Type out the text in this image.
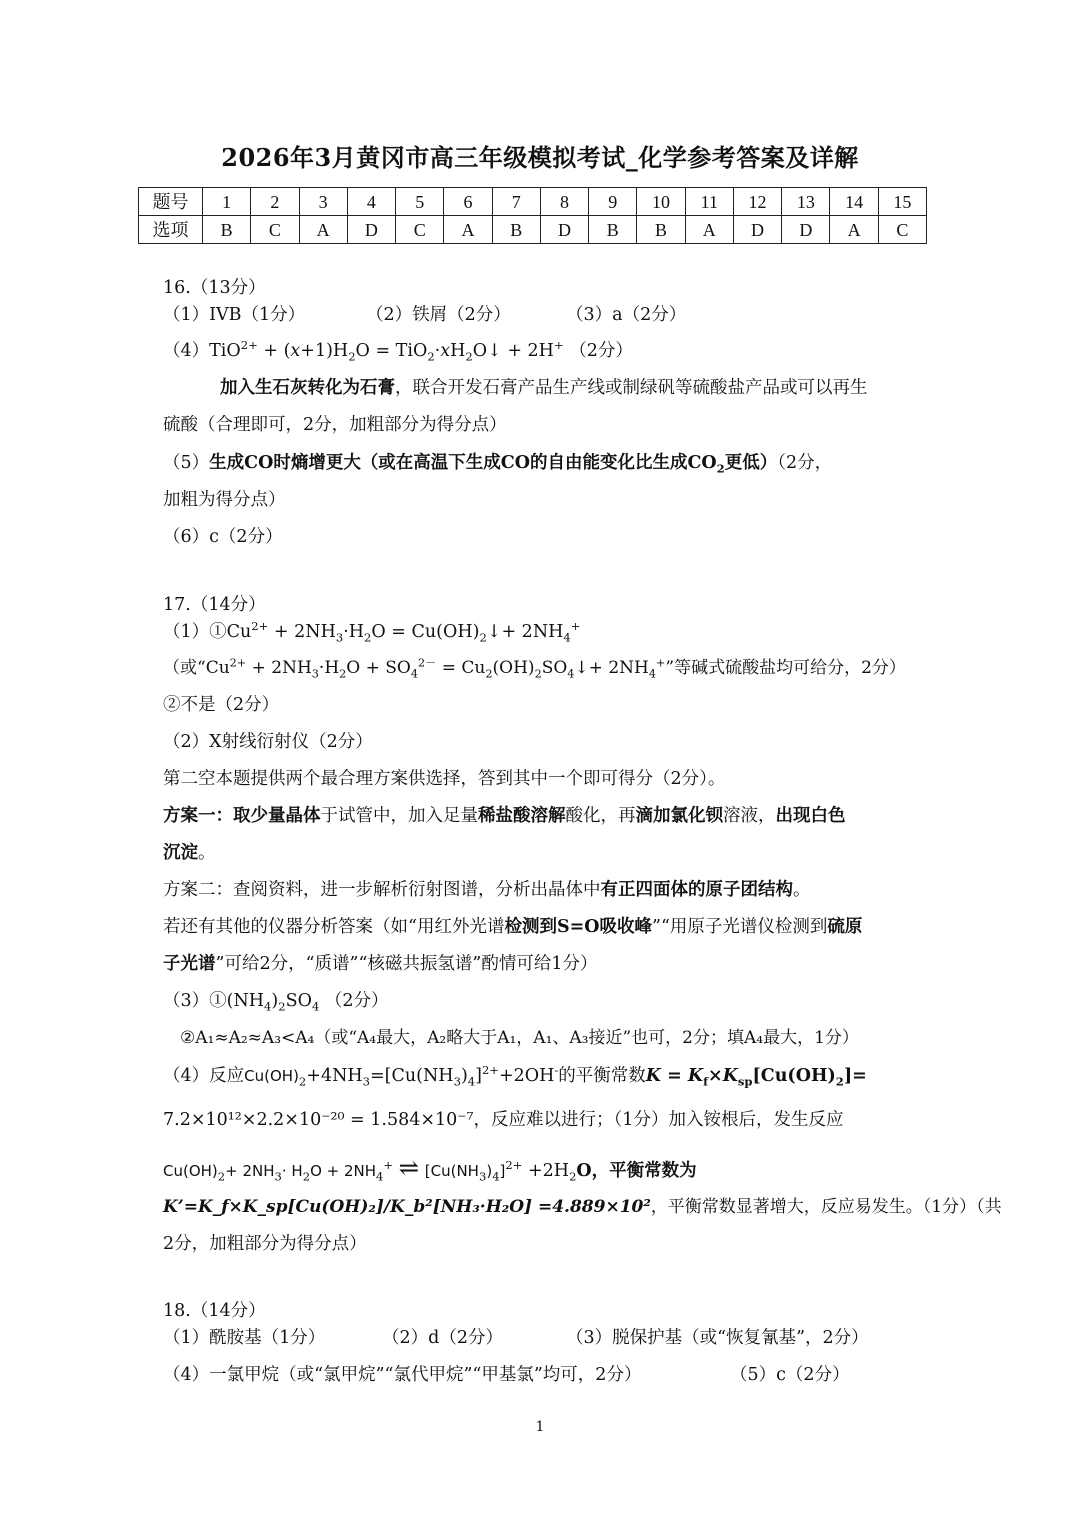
2026年3月黄冈市高三年级模拟考试_化学参考答案及详解
题号	1	2	3	4	5	6	7	8	9	10	11	12	13	14	15
选项	B	C	A	D	C	A	B	D	B	B	A	D	D	A	C
16.（13分）
（1）IVB（1分）	（2）铁屑（2分）	（3）a（2分）
$(4)TiO^{2+} + (x+1)H_2O$ = $TiO_2\cdot xH_2O↓ + 2H^+$ （2分）
加入生石灰转化为石膏，联合开发石膏产品生产线或制绿矾等硫酸盐产品或可以再生
硫酸（合理即可，2分，加粗部分为得分点）
（5）生成CO时熵增更大（或在高温下生成CO的自由能变化比生成$CO_2$更低）（2分，
加粗为得分点）
（6）c（2分）
17.（14分）
$(1)①Cu^{2+} + 2NH_3\cdot H_2O$ = $Cu(OH)_2↓+ 2NH_4^+$
（或“$Cu^{2+} + 2NH_3\cdot H_2O + SO_4^{2-}$ = $Cu_2(OH)_2SO_4↓+ 2NH_4^+$”等碱式硫酸盐均可给分，2分）
②不是（2分）
（2）X射线衍射仪（2分）
第二空本题提供两个最合理方案供选择，答到其中一个即可得分（2分）。
方案一：取少量晶体于试管中，加入足量稀盐酸溶解酸化，再滴加氯化钡溶液，出现白色
沉淀。
方案二：查阅资料，进一步解析衍射图谱，分析出晶体中有正四面体的原子团结构。
若还有其他的仪器分析答案（如“用红外光谱检测到S=O吸收峰”“用原子光谱仪检测到硫原
子光谱”可给2分，“质谱”“核磁共振氢谱”酌情可给1分）
$(3)①(NH_4)_2SO_4$ （2分）
②A₁≈A₂≈A₃<A₄（或“A₄最大，A₂略大于A₁，A₁、A₃接近”也可，2分；填A₄最大，1分）
（4）反应$Cu(OH)_2+4NH_3=[Cu(NH_3)_4]^{2+}+2OH^-$的平衡常数$K = K_f\times K_{sp}[Cu(OH)_2]=$
7.2×10¹²×2.2×10⁻²⁰ = 1.584×10⁻⁷，反应难以进行；（1分）加入铵根后，发生反应
$Cu(OH)_2+ 2NH_3\cdot H_2O + 2NH_4^+$ ⇌ $[Cu(NH_3)_4]^{2+} +2H_2O$，平衡常数为
K’=K_f×K_sp[Cu(OH)₂]/K_b²[NH₃·H₂O] =4.889×10²，平衡常数显著增大，反应易发生。（1分）（共
2分，加粗部分为得分点）
18.（14分）
（1）酰胺基（1分）	（2）d（2分）	（3）脱保护基（或“恢复氰基”，2分）
（4）一氯甲烷（或“氯甲烷”“氯代甲烷”“甲基氯”均可，2分）	（5）c（2分）
1
